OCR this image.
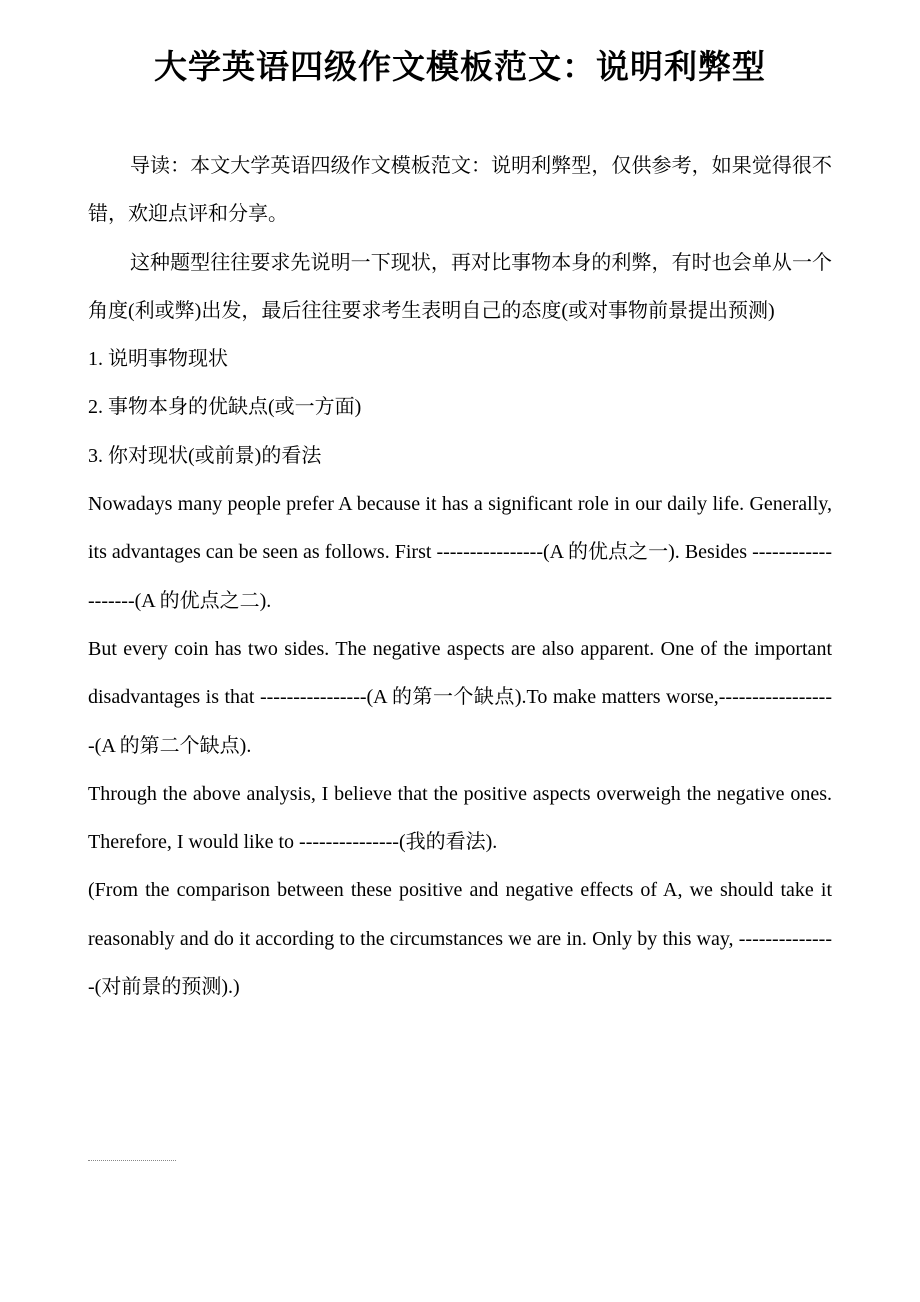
大学英语四级作文模板范文：说明利弊型

导读：本文大学英语四级作文模板范文：说明利弊型，仅供参考，如果觉得很不错，欢迎点评和分享。

这种题型往往要求先说明一下现状，再对比事物本身的利弊，有时也会单从一个角度(利或弊)出发，最后往往要求考生表明自己的态度(或对事物前景提出预测)

1. 说明事物现状

2. 事物本身的优缺点(或一方面)

3. 你对现状(或前景)的看法

Nowadays many people prefer A because it has a significant role in our daily life. Generally, its advantages can be seen as follows. First ----------------(A 的优点之一). Besides -------------------(A 的优点之二).

But every coin has two sides. The negative aspects are also apparent. One of the important disadvantages is that ----------------(A 的第一个缺点).To make matters worse,------------------(A 的第二个缺点).

Through the above analysis, I believe that the positive aspects overweigh the negative ones. Therefore, I would like to ---------------(我的看法).

(From the comparison between these positive and negative effects of A, we should take it reasonably and do it according to the circumstances we are in. Only by this way, ---------------(对前景的预测).)
